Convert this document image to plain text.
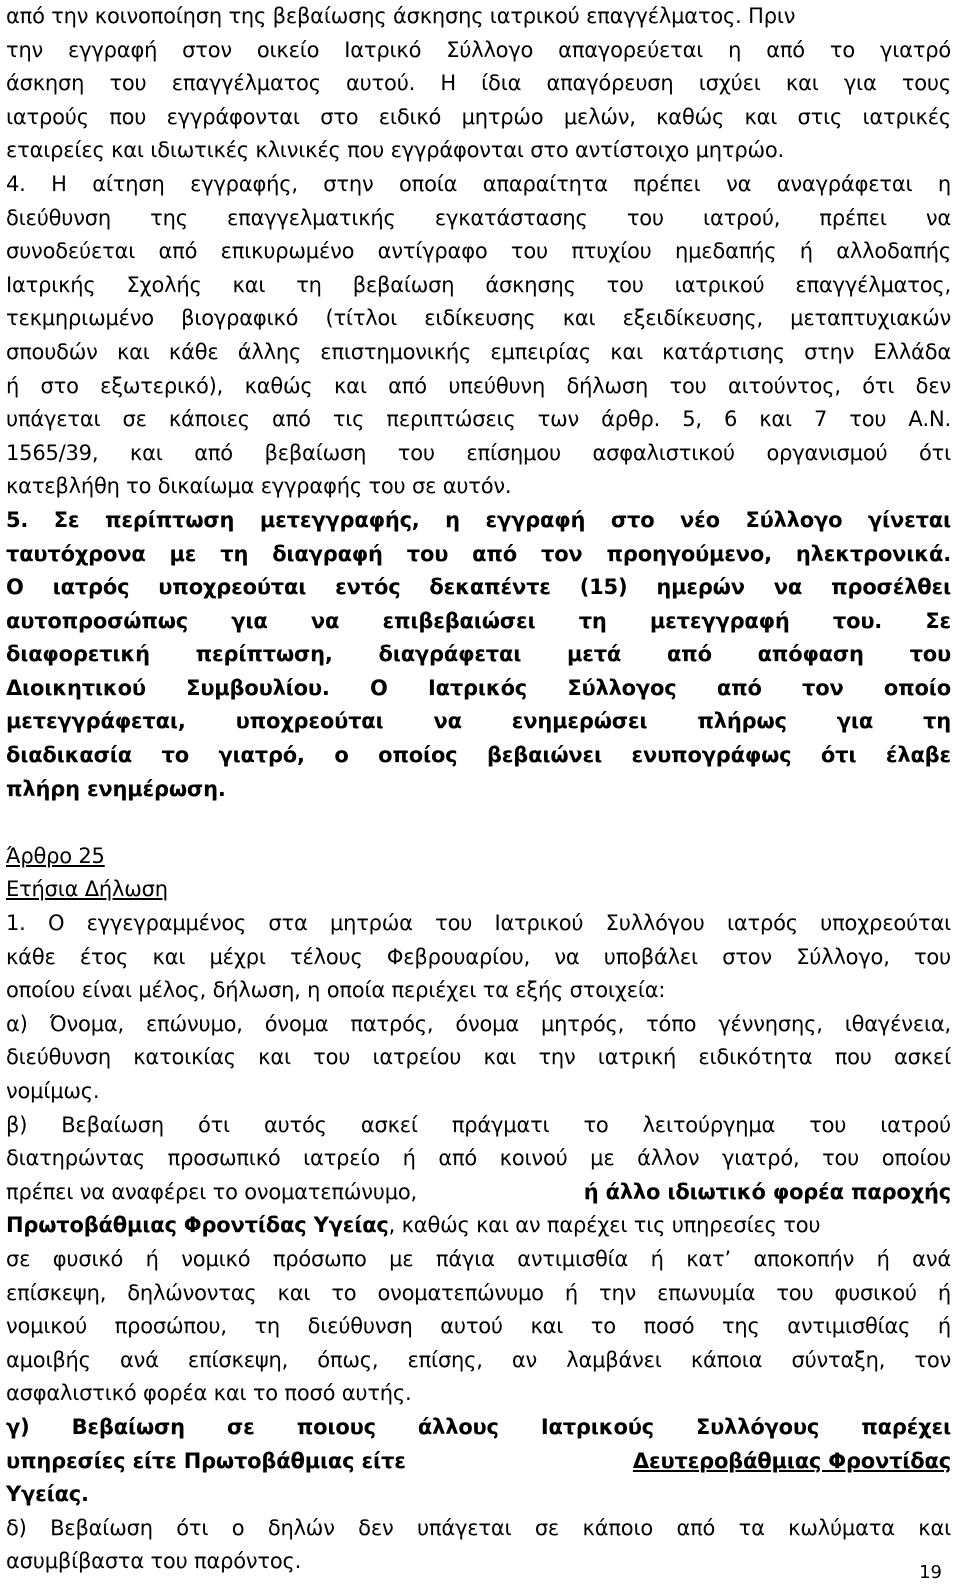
από την κοινοποίηση της βεβαίωσης άσκησης ιατρικού επαγγέλματος. Πριν
την εγγραφή στον οικείο Ιατρικό Σύλλογο απαγορεύεται η από το γιατρό
άσκηση του επαγγέλματος αυτού. Η ίδια απαγόρευση ισχύει και για τους
ιατρούς που εγγράφονται στο ειδικό μητρώο μελών, καθώς και στις ιατρικές
εταιρείες και ιδιωτικές κλινικές που εγγράφονται στο αντίστοιχο μητρώο.
4. Η αίτηση εγγραφής, στην οποία απαραίτητα πρέπει να αναγράφεται η
διεύθυνση της επαγγελματικής εγκατάστασης του ιατρού, πρέπει να
συνοδεύεται από επικυρωμένο αντίγραφο του πτυχίου ημεδαπής ή αλλοδαπής
Ιατρικής Σχολής και τη βεβαίωση άσκησης του ιατρικού επαγγέλματος,
τεκμηριωμένο βιογραφικό (τίτλοι ειδίκευσης και εξειδίκευσης, μεταπτυχιακών
σπουδών και κάθε άλλης επιστημονικής εμπειρίας και κατάρτισης στην Ελλάδα
ή στο εξωτερικό), καθώς και από υπεύθυνη δήλωση του αιτούντος, ότι δεν
υπάγεται σε κάποιες από τις περιπτώσεις των άρθρ. 5, 6 και 7 του Α.Ν.
1565/39, και από βεβαίωση του επίσημου ασφαλιστικού οργανισμού ότι
κατεβλήθη το δικαίωμα εγγραφής του σε αυτόν.
5. Σε περίπτωση μετεγγραφής, η εγγραφή στο νέο Σύλλογο γίνεται
ταυτόχρονα με τη διαγραφή του από τον προηγούμενο, ηλεκτρονικά.
Ο ιατρός υποχρεούται εντός δεκαπέντε (15) ημερών να προσέλθει
αυτοπροσώπως για να επιβεβαιώσει τη μετεγγραφή του. Σε
διαφορετική περίπτωση, διαγράφεται μετά από απόφαση του
Διοικητικού Συμβουλίου. Ο Ιατρικός Σύλλογος από τον οποίο
μετεγγράφεται, υποχρεούται να ενημερώσει πλήρως για τη
διαδικασία το γιατρό, ο οποίος βεβαιώνει ενυπογράφως ότι έλαβε
πλήρη ενημέρωση.
Άρθρο 25
Ετήσια Δήλωση
1. Ο εγγεγραμμένος στα μητρώα του Ιατρικού Συλλόγου ιατρός υποχρεούται
κάθε έτος και μέχρι τέλους Φεβρουαρίου, να υποβάλει στον Σύλλογο, του
οποίου είναι μέλος, δήλωση, η οποία περιέχει τα εξής στοιχεία:
α) Όνομα, επώνυμο, όνομα πατρός, όνομα μητρός, τόπο γέννησης, ιθαγένεια,
διεύθυνση κατοικίας και του ιατρείου και την ιατρική ειδικότητα που ασκεί
νομίμως.
β) Βεβαίωση ότι αυτός ασκεί πράγματι το λειτούργημα του ιατρού
διατηρώντας προσωπικό ιατρείο ή από κοινού με άλλον γιατρό, του οποίου
πρέπει να αναφέρει το ονοματεπώνυμο,	ή άλλο ιδιωτικό φορέα παροχής
Πρωτοβάθμιας Φροντίδας Υγείας, καθώς και αν παρέχει τις υπηρεσίες του
σε φυσικό ή νομικό πρόσωπο με πάγια αντιμισθία ή κατ’ αποκοπήν ή ανά
επίσκεψη, δηλώνοντας και το ονοματεπώνυμο ή την επωνυμία του φυσικού ή
νομικού προσώπου, τη διεύθυνση αυτού και το ποσό της αντιμισθίας ή
αμοιβής ανά επίσκεψη, όπως, επίσης, αν λαμβάνει κάποια σύνταξη, τον
ασφαλιστικό φορέα και το ποσό αυτής.
γ) Βεβαίωση σε ποιους άλλους Ιατρικούς Συλλόγους παρέχει
υπηρεσίες είτε Πρωτοβάθμιας είτε	Δευτεροβάθμιας Φροντίδας
Υγείας.
δ) Βεβαίωση ότι ο δηλών δεν υπάγεται σε κάποιο από τα κωλύματα και
ασυμβίβαστα του παρόντος.	19
